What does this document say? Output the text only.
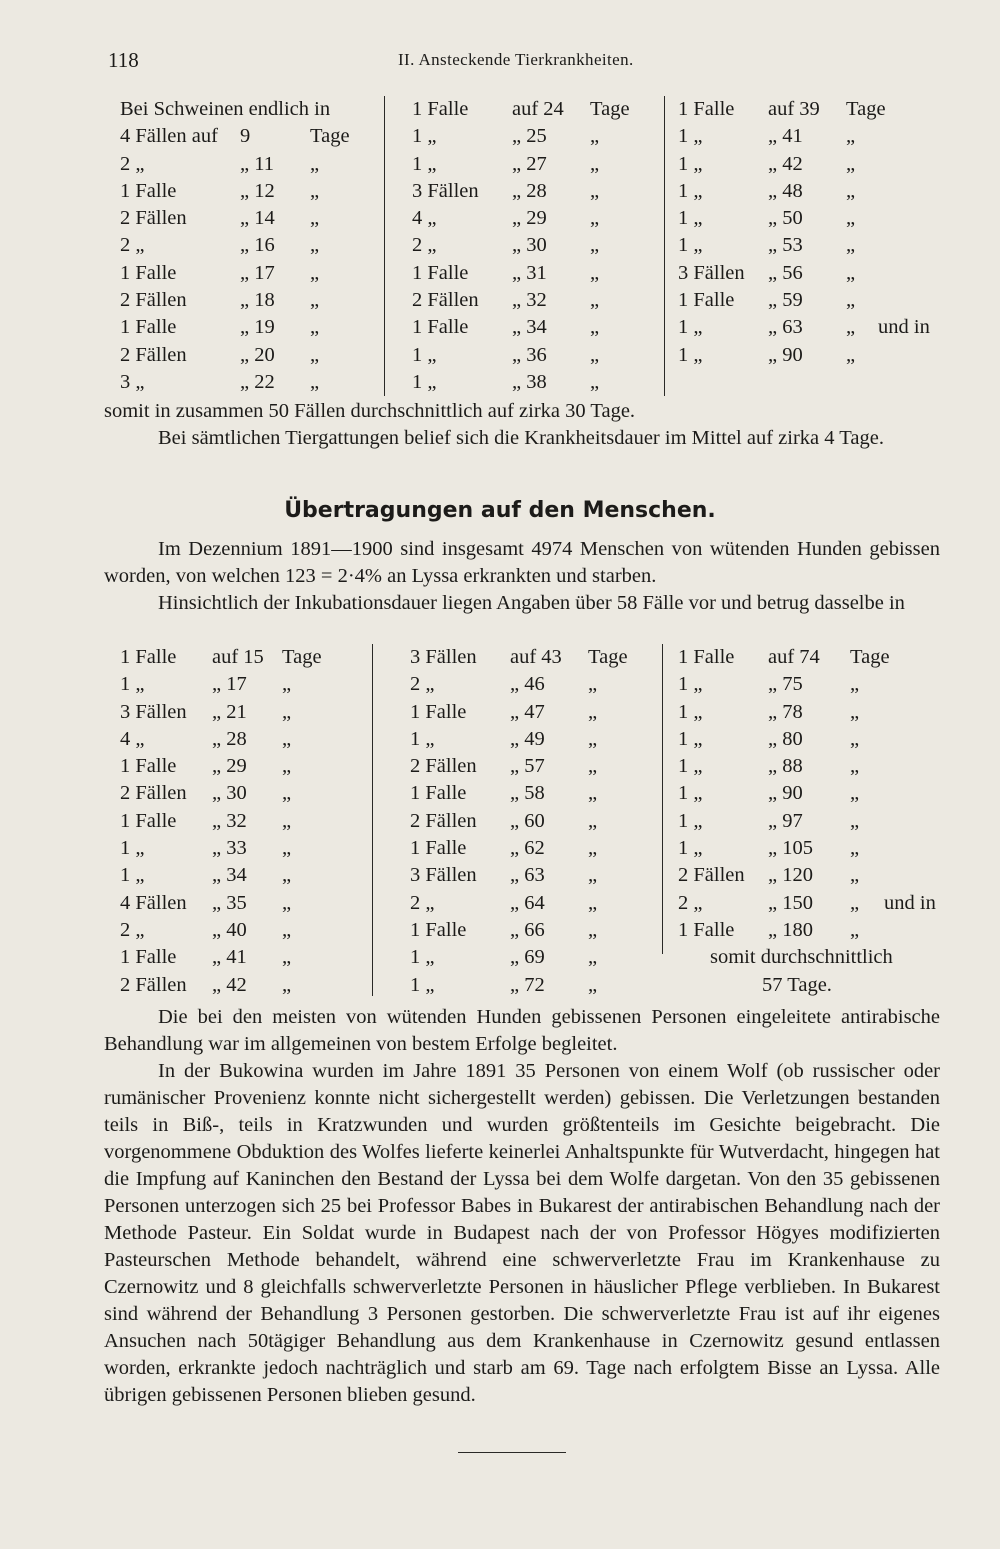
118	II. Ansteckende Tierkrankheiten.
Bei Schweinen endlich in
4 Fällen auf 9	Tage
2 „	„ 11 „
1 Falle	„ 12 „
2 Fällen	„ 14 „
2 „	„ 16 „
1 Falle	„ 17 „
2 Fällen	„ 18 „
1 Falle	„ 19 „
2 Fällen	„ 20 „
3 „	„ 22 „
1 Falle auf 24 Tage
1 „	„ 25 „
1 „	„ 27 „
3 Fällen „ 28 „
4 „	„ 29 „
2 „	„ 30 „
1 Falle „ 31 „
2 Fällen „ 32 „
1 Falle „ 34 „
1 „	„ 36 „
1 „	„ 38 „
1 Falle auf 39 Tage
1 „	„ 41 „
1 „	„ 42 „
1 „	„ 48 „
1 „	„ 50 „
1 „	„ 53 „
3 Fällen „ 56 „
1 Falle „ 59 „
1 „	„ 63 „
1 „	„ 90 „
und in

somit in zusammen 50 Fällen durchschnittlich auf zirka 30 Tage.

Bei sämtlichen Tiergattungen belief sich die Krankheitsdauer im Mittel auf zirka 4 Tage.

Übertragungen auf den Menschen.

Im Dezennium 1891—1900 sind insgesamt 4974 Menschen von wütenden Hunden gebissen worden, von welchen 123 = 2·4% an Lyssa erkrankten und starben.

Hinsichtlich der Inkubationsdauer liegen Angaben über 58 Fälle vor und betrug dasselbe in

1 Falle auf 15 Tage
1 „	„ 17 „
3 Fällen „ 21 „
4 „	„ 28 „
1 Falle „ 29 „
2 Fällen „ 30 „
1 Falle „ 32 „
1 „	„ 33 „
1 „	„ 34 „
4 Fällen „ 35 „
2 „	„ 40 „
1 Falle „ 41 „
2 Fällen „ 42 „
3 Fällen auf 43 Tage
2 „	„ 46 „
1 Falle „ 47 „
1 „	„ 49 „
2 Fällen „ 57 „
1 Falle „ 58 „
2 Fällen „ 60 „
1 Falle „ 62 „
3 Fällen „ 63 „
2 „	„ 64 „
1 Falle „ 66 „
1 „	„ 69 „
1 „	„ 72 „
1 Falle auf 74 Tage
1 „	„ 75 „
1 „	„ 78 „
1 „	„ 80 „
1 „	„ 88 „
1 „	„ 90 „
1 „	„ 97 „
1 „	„ 105 „
2 Fällen „ 120 „
2 „	„ 150 „
1 Falle „ 180 „
und in
somit durchschnittlich
57 Tage.

Die bei den meisten von wütenden Hunden gebissenen Personen eingeleitete antirabische Behandlung war im allgemeinen von bestem Erfolge begleitet.

In der Bukowina wurden im Jahre 1891 35 Personen von einem Wolf (ob russischer oder rumänischer Provenienz konnte nicht sichergestellt werden) gebissen. Die Verletzungen bestanden teils in Biß-, teils in Kratzwunden und wurden größtenteils im Gesichte beigebracht. Die vorgenommene Obduktion des Wolfes lieferte keinerlei Anhaltspunkte für Wutverdacht, hingegen hat die Impfung auf Kaninchen den Bestand der Lyssa bei dem Wolfe dargetan. Von den 35 gebissenen Personen unterzogen sich 25 bei Professor Babes in Bukarest der antirabischen Behandlung nach der Methode Pasteur. Ein Soldat wurde in Budapest nach der von Professor Högyes modifizierten Pasteurschen Methode behandelt, während eine schwerverletzte Frau im Krankenhause zu Czernowitz und 8 gleichfalls schwerverletzte Personen in häuslicher Pflege verblieben. In Bukarest sind während der Behandlung 3 Personen gestorben. Die schwerverletzte Frau ist auf ihr eigenes Ansuchen nach 50tägiger Behandlung aus dem Krankenhause in Czernowitz gesund entlassen worden, erkrankte jedoch nachträglich und starb am 69. Tage nach erfolgtem Bisse an Lyssa. Alle übrigen gebissenen Personen blieben gesund.
